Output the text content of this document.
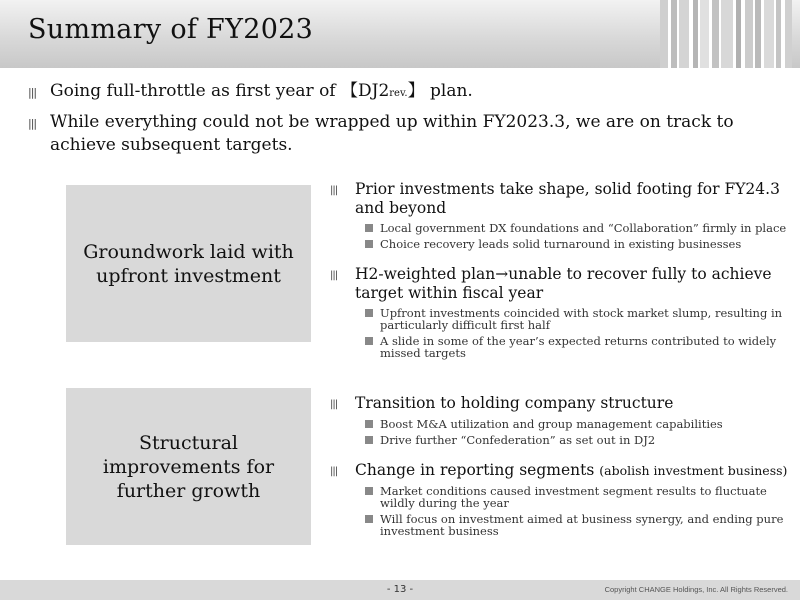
Summary of FY2023
||| Going full-throttle as first year of 【DJ2rev.】 plan.
||| While everything could not be wrapped up within FY2023.3, we are on track to achieve subsequent targets.
Groundwork laid with upfront investment
|||	Prior investments take shape, solid footing for FY24.3 and beyond
Local government DX foundations and “Collaboration” firmly in place
Choice recovery leads solid turnaround in existing businesses
|||	H2-weighted plan→unable to recover fully to achieve target within fiscal year
Upfront investments coincided with stock market slump, resulting in particularly difficult first half
A slide in some of the year’s expected returns contributed to widely missed targets
Structural improvements for further growth
|||	Transition to holding company structure
Boost M&A utilization and group management capabilities
Drive further “Confederation” as set out in DJ2
|||	Change in reporting segments (abolish investment business)
Market conditions caused investment segment results to fluctuate wildly during the year
Will focus on investment aimed at business synergy, and ending pure investment business
- 13 -	Copyright CHANGE Holdings, Inc. All Rights Reserved.
